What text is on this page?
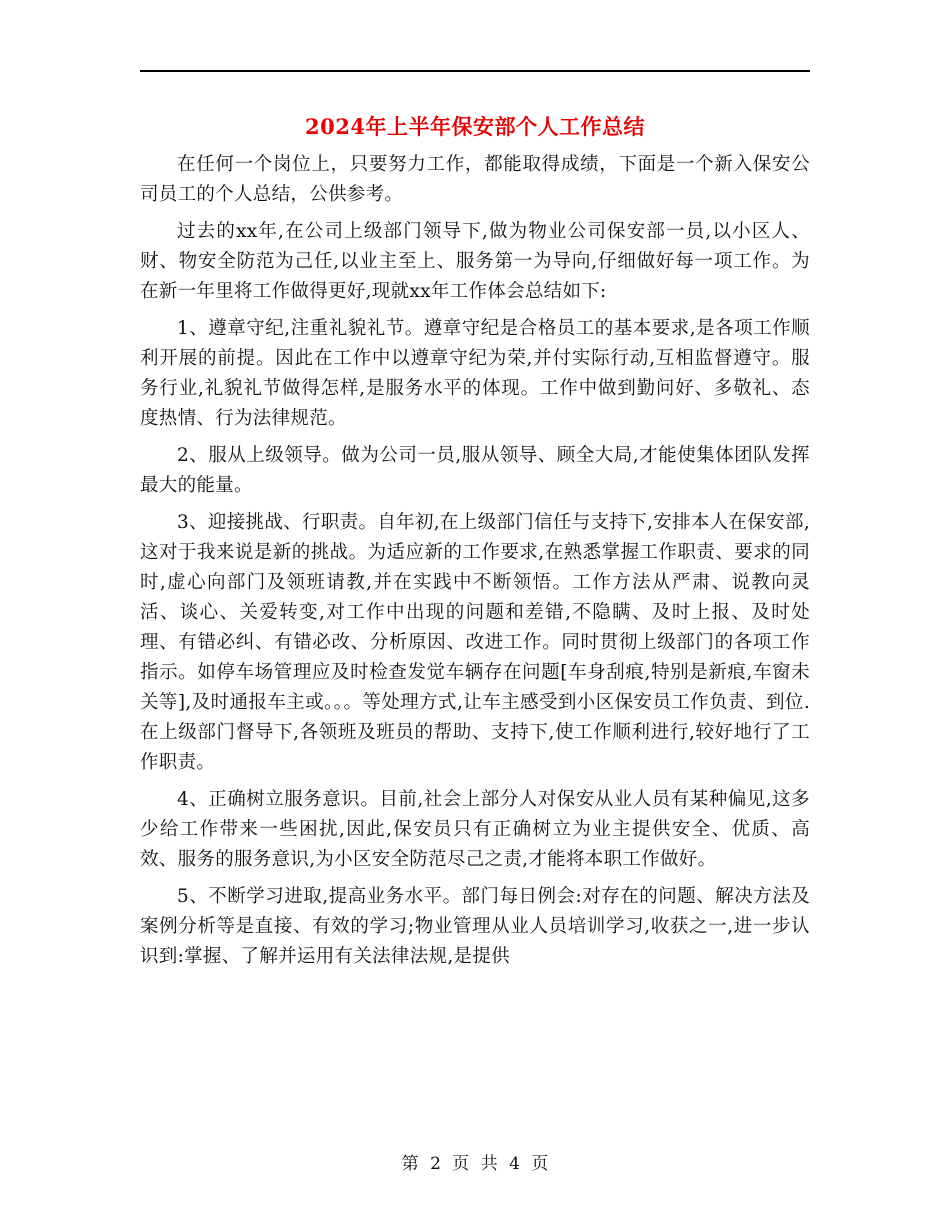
2024年上半年保安部个人工作总结

在任何一个岗位上，只要努力工作，都能取得成绩，下面是一个新入保安公司员工的个人总结，公供参考。

过去的xx年,在公司上级部门领导下,做为物业公司保安部一员,以小区人、财、物安全防范为己任,以业主至上、服务第一为导向,仔细做好每一项工作。为在新一年里将工作做得更好,现就xx年工作体会总结如下:

1、遵章守纪,注重礼貌礼节。遵章守纪是合格员工的基本要求,是各项工作顺利开展的前提。因此在工作中以遵章守纪为荣,并付实际行动,互相监督遵守。服务行业,礼貌礼节做得怎样,是服务水平的体现。工作中做到勤问好、多敬礼、态度热情、行为法律规范。

2、服从上级领导。做为公司一员,服从领导、顾全大局,才能使集体团队发挥最大的能量。

3、迎接挑战、行职责。自年初,在上级部门信任与支持下,安排本人在保安部,这对于我来说是新的挑战。为适应新的工作要求,在熟悉掌握工作职责、要求的同时,虚心向部门及领班请教,并在实践中不断领悟。工作方法从严肃、说教向灵活、谈心、关爱转变,对工作中出现的问题和差错,不隐瞒、及时上报、及时处理、有错必纠、有错必改、分析原因、改进工作。同时贯彻上级部门的各项工作指示。如停车场管理应及时检查发觉车辆存在问题[车身刮痕,特别是新痕,车窗未关等],及时通报车主或。。。等处理方式,让车主感受到小区保安员工作负责、到位.在上级部门督导下,各领班及班员的帮助、支持下,使工作顺利进行,较好地行了工作职责。

4、正确树立服务意识。目前,社会上部分人对保安从业人员有某种偏见,这多少给工作带来一些困扰,因此,保安员只有正确树立为业主提供安全、优质、高效、服务的服务意识,为小区安全防范尽己之责,才能将本职工作做好。

5、不断学习进取,提高业务水平。部门每日例会:对存在的问题、解决方法及案例分析等是直接、有效的学习;物业管理从业人员培训学习,收获之一,进一步认识到:掌握、了解并运用有关法律法规,是提供

第 2 页 共 4 页
